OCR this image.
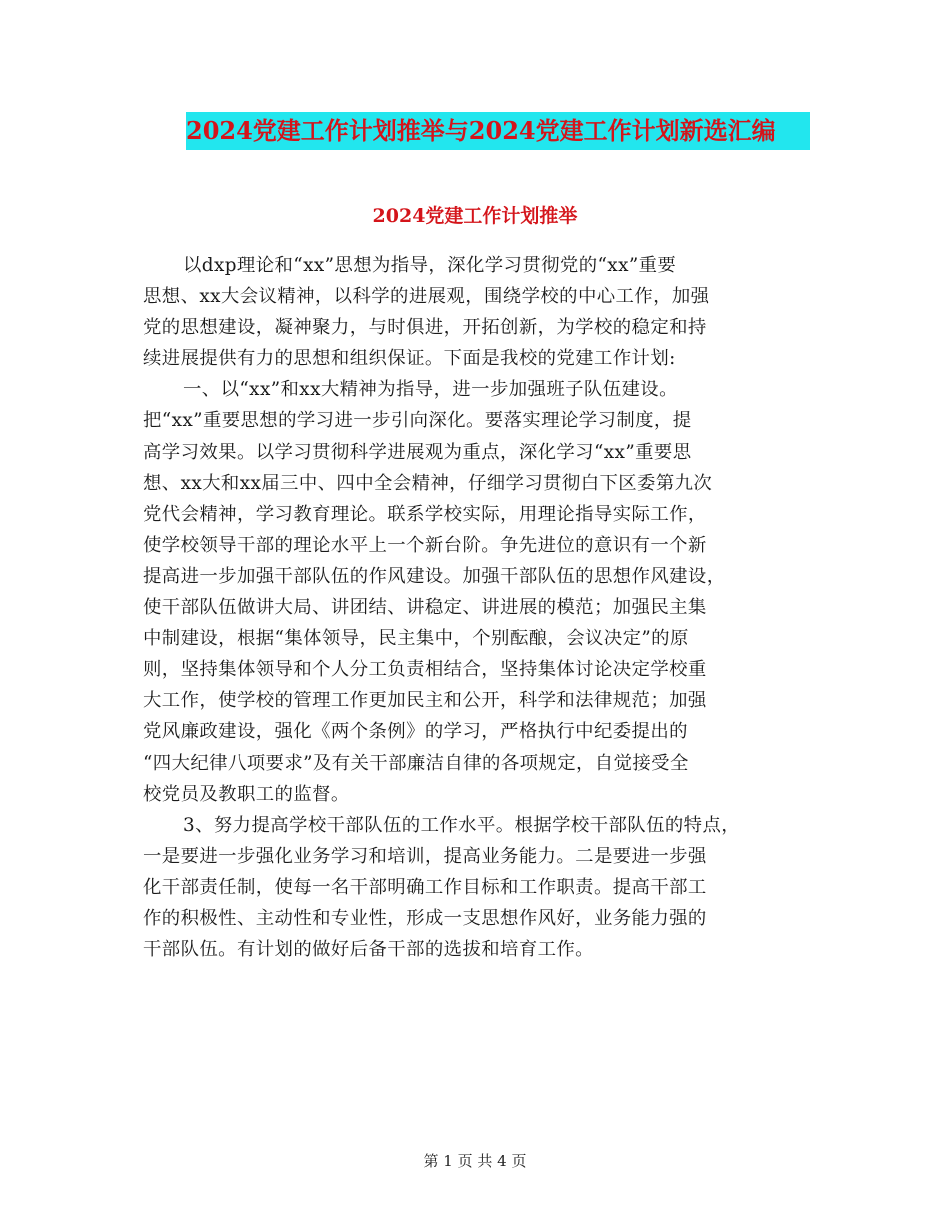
2024党建工作计划推举与2024党建工作计划新选汇编
2024党建工作计划推举
以dxp理论和“xx”思想为指导，深化学习贯彻党的“xx”重要
思想、xx大会议精神，以科学的进展观，围绕学校的中心工作，加强
党的思想建设，凝神聚力，与时俱进，开拓创新，为学校的稳定和持
续进展提供有力的思想和组织保证。下面是我校的党建工作计划:
一、以“xx”和xx大精神为指导，进一步加强班子队伍建设。
把“xx”重要思想的学习进一步引向深化。要落实理论学习制度，提
高学习效果。以学习贯彻科学进展观为重点，深化学习“xx”重要思
想、xx大和xx届三中、四中全会精神，仔细学习贯彻白下区委第九次
党代会精神，学习教育理论。联系学校实际，用理论指导实际工作，
使学校领导干部的理论水平上一个新台阶。争先进位的意识有一个新
提高进一步加强干部队伍的作风建设。加强干部队伍的思想作风建设，
使干部队伍做讲大局、讲团结、讲稳定、讲进展的模范；加强民主集
中制建设，根据“集体领导，民主集中，个别酝酿，会议决定”的原
则，坚持集体领导和个人分工负责相结合，坚持集体讨论决定学校重
大工作，使学校的管理工作更加民主和公开，科学和法律规范；加强
党风廉政建设，强化《两个条例》的学习，严格执行中纪委提出的
“四大纪律八项要求”及有关干部廉洁自律的各项规定，自觉接受全
校党员及教职工的监督。
3、努力提高学校干部队伍的工作水平。根据学校干部队伍的特点，
一是要进一步强化业务学习和培训，提高业务能力。二是要进一步强
化干部责任制，使每一名干部明确工作目标和工作职责。提高干部工
作的积极性、主动性和专业性，形成一支思想作风好，业务能力强的
干部队伍。有计划的做好后备干部的选拔和培育工作。
第 1 页 共 4 页
